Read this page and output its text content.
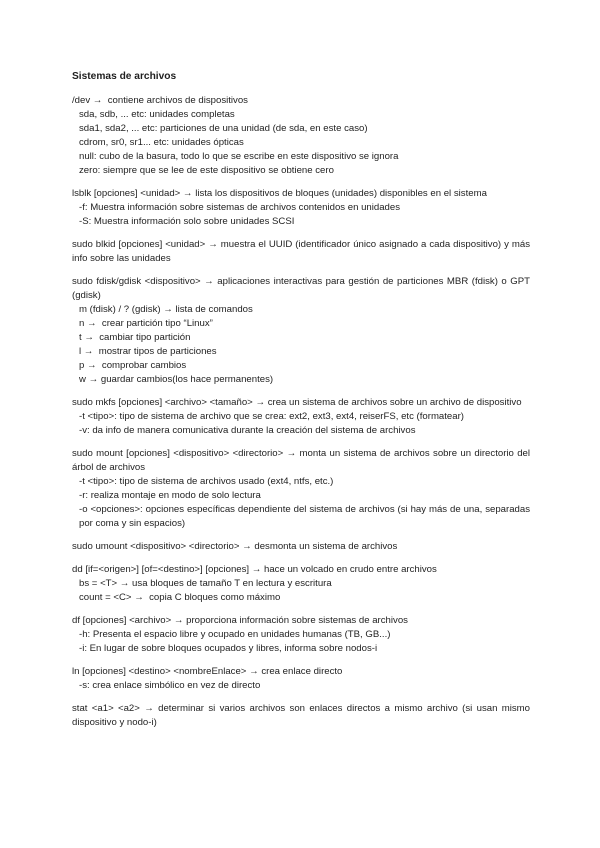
Sistemas de archivos
/dev →  contiene archivos de dispositivos
sda, sdb, ... etc: unidades completas
sda1, sda2, ... etc: particiones de una unidad (de sda, en este caso)
cdrom, sr0, sr1... etc: unidades ópticas
null: cubo de la basura, todo lo que se escribe en este dispositivo se ignora
zero: siempre que se lee de este dispositivo se obtiene cero
lsblk [opciones] <unidad> → lista los dispositivos de bloques (unidades) disponibles en el sistema
-f: Muestra información sobre sistemas de archivos contenidos en unidades
-S: Muestra información solo sobre unidades SCSI
sudo blkid [opciones] <unidad> → muestra el UUID (identificador único asignado a cada dispositivo) y más info sobre las unidades
sudo fdisk/gdisk <dispositivo> → aplicaciones interactivas para gestión de particiones MBR (fdisk) o GPT (gdisk)
m (fdisk) / ? (gdisk) → lista de comandos
n →  crear partición tipo “Linux”
t →  cambiar tipo partición
l →  mostrar tipos de particiones
p →  comprobar cambios
w → guardar cambios(los hace permanentes)
sudo mkfs [opciones] <archivo> <tamaño> → crea un sistema de archivos sobre un archivo de dispositivo
-t <tipo>: tipo de sistema de archivo que se crea: ext2, ext3, ext4, reiserFS, etc (formatear)
-v: da info de manera comunicativa durante la creación del sistema de archivos
sudo mount [opciones] <dispositivo> <directorio> → monta un sistema de archivos sobre un directorio del árbol de archivos
-t <tipo>: tipo de sistema de archivos usado (ext4, ntfs, etc.)
-r: realiza montaje en modo de solo lectura
-o <opciones>: opciones específicas dependiente del sistema de archivos (si hay más de una, separadas por coma y sin espacios)
sudo umount <dispositivo> <directorio> → desmonta un sistema de archivos
dd [if=<origen>] [of=<destino>] [opciones] → hace un volcado en crudo entre archivos
bs = <T> → usa bloques de tamaño T en lectura y escritura
count = <C> →  copia C bloques como máximo
df [opciones] <archivo> → proporciona información sobre sistemas de archivos
-h: Presenta el espacio libre y ocupado en unidades humanas (TB, GB...)
-i: En lugar de sobre bloques ocupados y libres, informa sobre nodos-i
ln [opciones] <destino> <nombreEnlace> → crea enlace directo
-s: crea enlace simbólico en vez de directo
stat <a1> <a2> → determinar si varios archivos son enlaces directos a mismo archivo (si usan mismo dispositivo y nodo-i)
